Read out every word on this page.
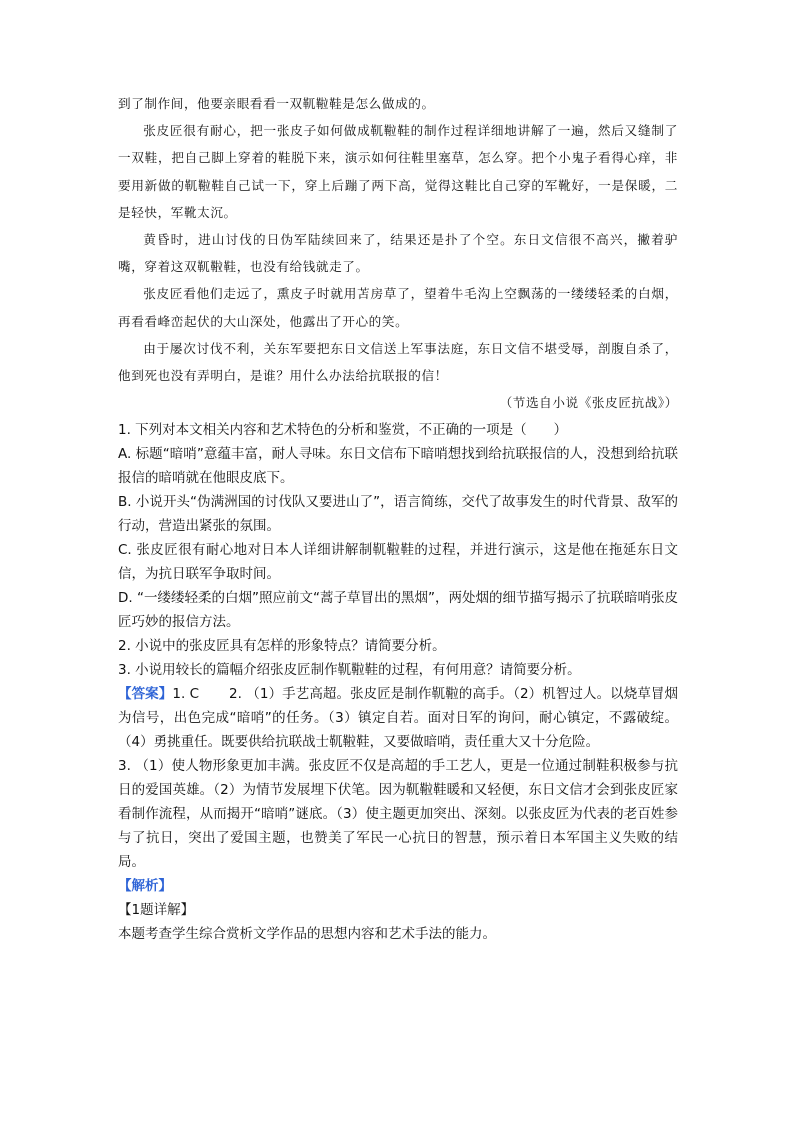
到了制作间，他要亲眼看看一双靰鞡鞋是怎么做成的。

张皮匠很有耐心，把一张皮子如何做成靰鞡鞋的制作过程详细地讲解了一遍，然后又缝制了一双鞋，把自己脚上穿着的鞋脱下来，演示如何往鞋里塞草，怎么穿。把个小鬼子看得心痒，非要用新做的靰鞡鞋自己试一下，穿上后蹦了两下高，觉得这鞋比自己穿的军靴好，一是保暖，二是轻快，军靴太沉。

黄昏时，进山讨伐的日伪军陆续回来了，结果还是扑了个空。东日文信很不高兴，撇着驴嘴，穿着这双靰鞡鞋，也没有给钱就走了。

张皮匠看他们走远了，熏皮子时就用苫房草了，望着牛毛沟上空飘荡的一缕缕轻柔的白烟，再看看峰峦起伏的大山深处，他露出了开心的笑。

由于屡次讨伐不利，关东军要把东日文信送上军事法庭，东日文信不堪受辱，剖腹自杀了，他到死也没有弄明白，是谁？用什么办法给抗联报的信！

（节选自小说《张皮匠抗战》）

1. 下列对本文相关内容和艺术特色的分析和鉴赏，不正确的一项是（　　）

A. 标题“暗哨”意蕴丰富，耐人寻味。东日文信布下暗哨想找到给抗联报信的人，没想到给抗联报信的暗哨就在他眼皮底下。

B. 小说开头“伪满洲国的讨伐队又要进山了”，语言简练，交代了故事发生的时代背景、敌军的行动，营造出紧张的氛围。

C. 张皮匠很有耐心地对日本人详细讲解制靰鞡鞋的过程，并进行演示，这是他在拖延东日文信，为抗日联军争取时间。

D. “一缕缕轻柔的白烟”照应前文“蒿子草冒出的黑烟”，两处烟的细节描写揭示了抗联暗哨张皮匠巧妙的报信方法。

2. 小说中的张皮匠具有怎样的形象特点？请简要分析。

3. 小说用较长的篇幅介绍张皮匠制作靰鞡鞋的过程，有何用意？请简要分析。

【答案】1. C 2. （1）手艺高超。张皮匠是制作靰鞡的高手。（2）机智过人。以烧草冒烟为信号，出色完成“暗哨”的任务。（3）镇定自若。面对日军的询问，耐心镇定，不露破绽。（4）勇挑重任。既要供给抗联战士靰鞡鞋，又要做暗哨，责任重大又十分危险。

3. （1）使人物形象更加丰满。张皮匠不仅是高超的手工艺人，更是一位通过制鞋积极参与抗日的爱国英雄。（2）为情节发展埋下伏笔。因为靰鞡鞋暖和又轻便，东日文信才会到张皮匠家看制作流程，从而揭开“暗哨”谜底。（3）使主题更加突出、深刻。以张皮匠为代表的老百姓参与了抗日，突出了爱国主题，也赞美了军民一心抗日的智慧，预示着日本军国主义失败的结局。

【解析】

【1题详解】

本题考查学生综合赏析文学作品的思想内容和艺术手法的能力。
